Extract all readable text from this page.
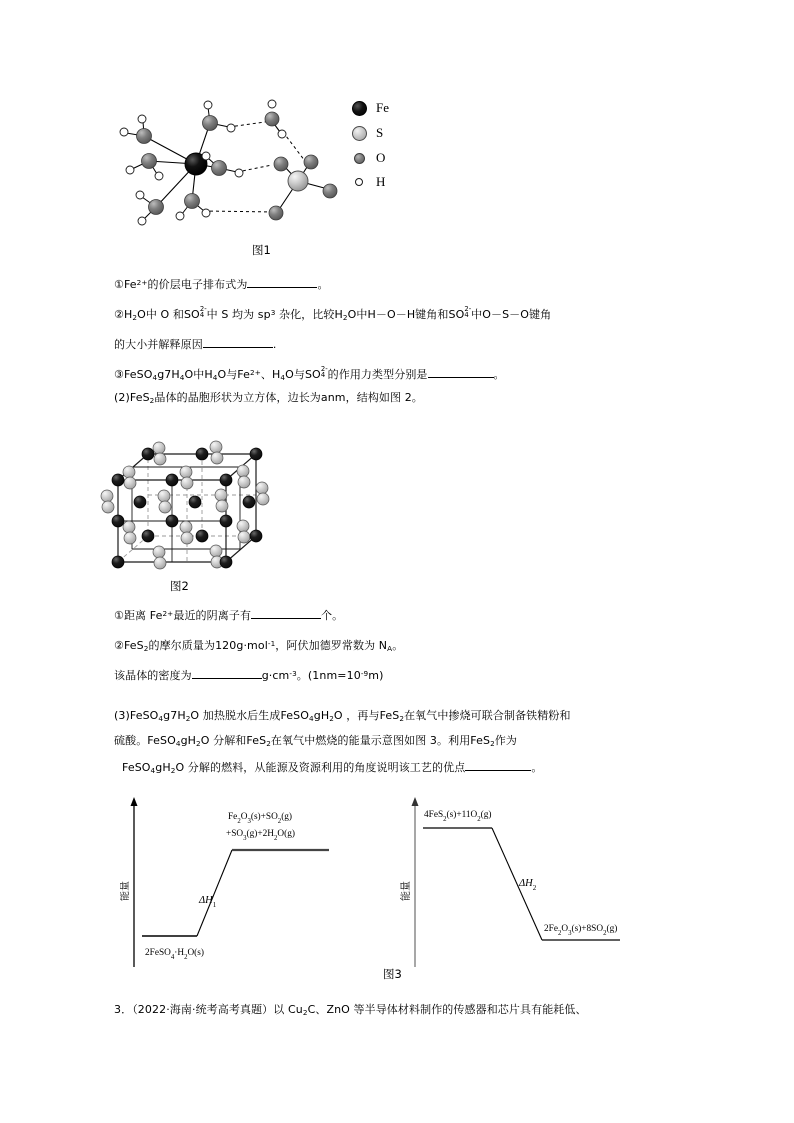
Fe
S
O
H
图1
$①Fe^{2+}$的价层电子排布式为	。
$②H_2O$中 O 和SO 2-
4 中 S 均为 $sp^3$ 杂化，比较$H_2O$中H－O－H键角和SO 2-
4 中O－S－O键角
的大小并解释原因	.
$③FeSO_4g7H_4O$中$H_4O$与$Fe^{2+}$、$H_4O$与SO 2-
4 的作用力类型分别是	。
(2)FeS$_2$晶体的晶胞形状为立方体，边长为anm，结构如图 2。
图2
①距离 $Fe^{2+}$最近的阴离子有	个。
②FeS$_2$的摩尔质量为120g·mol$^{-1}$，阿伏加德罗常数为 $N_A$。
该晶体的密度为	$g\cdot cm^{-3}$。$(1nm=10^{-9}m)$
$(3)FeSO_4g7H_2O$ 加热脱水后生成$FeSO_4gH_2O$ ，再与FeS$_2$在氧气中掺烧可联合制备铁精粉和
硫酸。$FeSO_4gH_2O$ 分解和FeS$_2$在氧气中燃烧的能量示意图如图 3。利用FeS$_2$作为
$FeSO_4gH_2O$ 分解的燃料，从能源及资源利用的角度说明该工艺的优点	。
能量
$Fe_2O_3(s)+SO_2(g)$
$+SO_3(g)+2H_2O(g)$
$2FeSO_4\cdot H_2O(s)$
$\Delta H_1$
能量
$4FeS_2(s)+11O_2(g)$
$2Fe_2O_3(s)+8SO_2(g)$
$\Delta H_2$
图3
3．（2022·海南·统考高考真题）以 $Cu_2C$、ZnO 等半导体材料制作的传感器和芯片具有能耗低、
